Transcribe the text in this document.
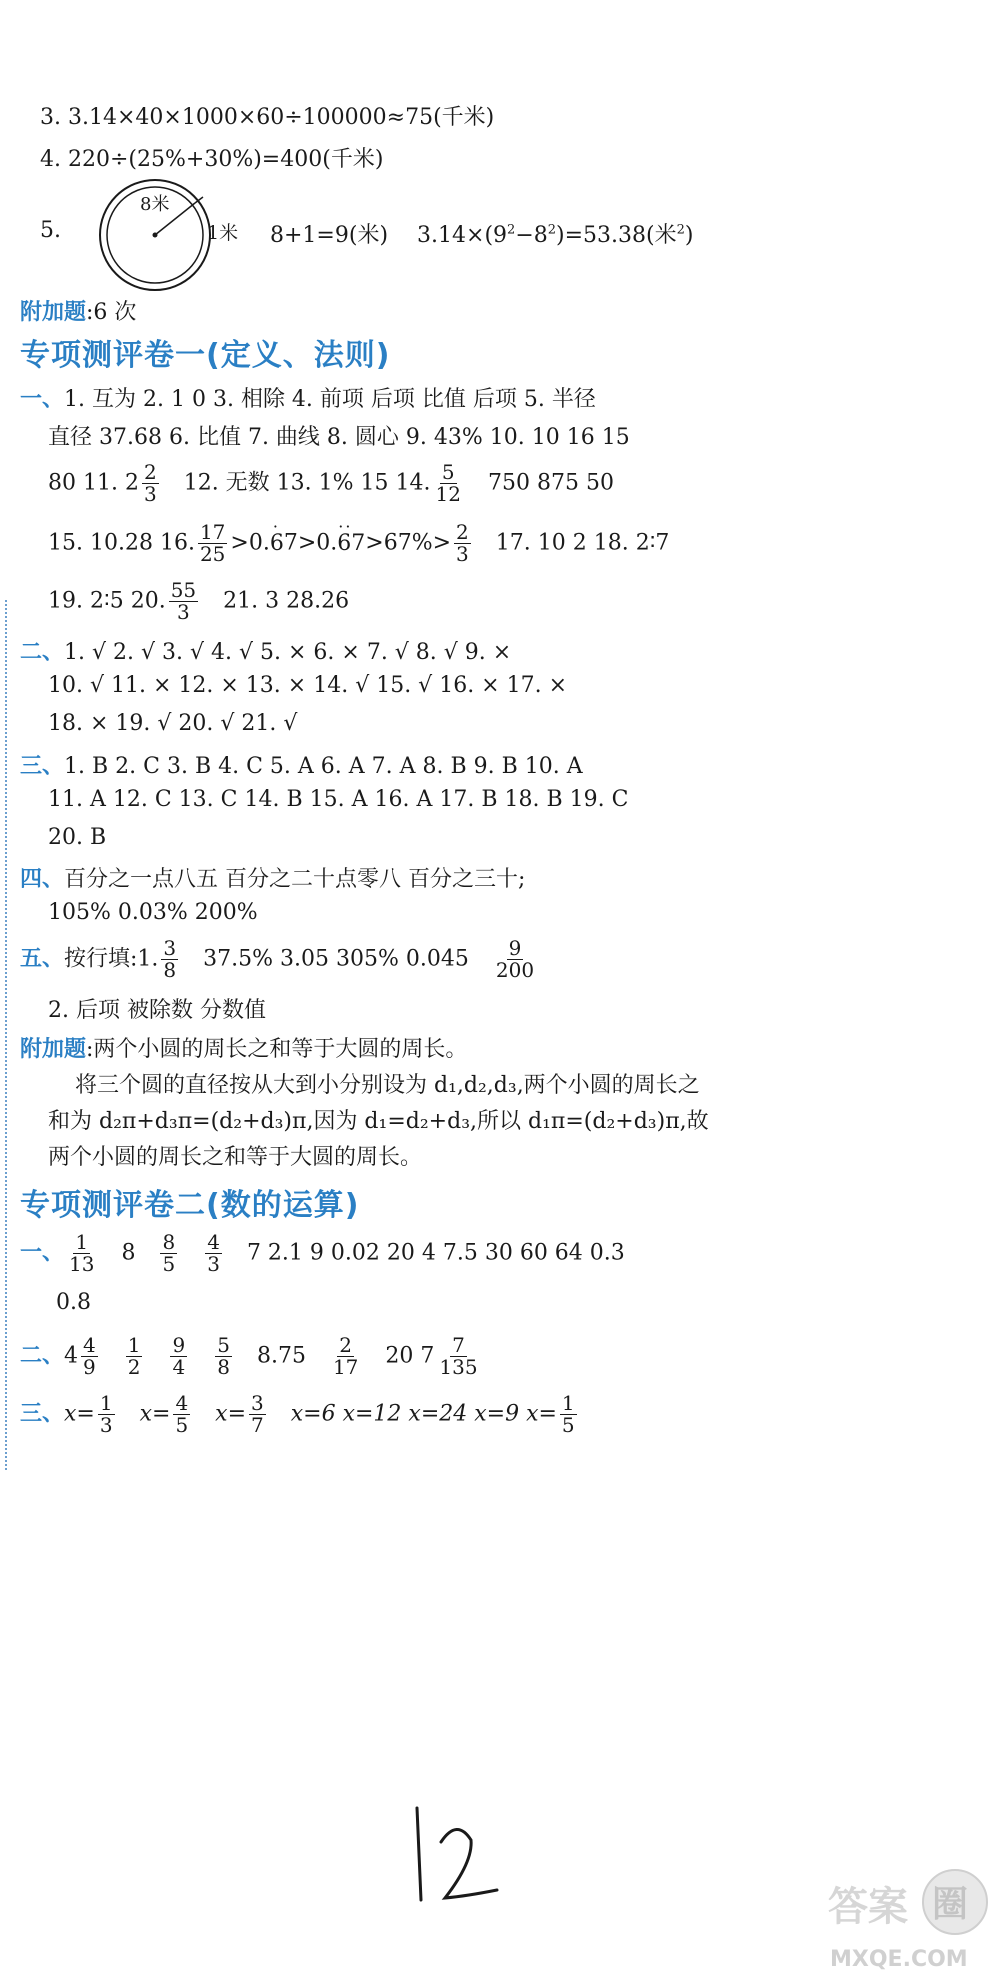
3. 3.14×40×1000×60÷100000≈75(千米)
4. 220÷(25%+30%)=400(千米)
5.
8米
1米 8+1=9(米) $3.14\times(9^2-8^2)=53.38$(米$^2$)
附加题:6 次
专项测评卷一(定义、法则)
一、1. 互为 2. 1 0 3. 相除 4. 前项 后项 比值 后项 5. 半径
直径 37.68 6. 比值 7. 曲线 8. 圆心 9. 43% 10. 10 16 15
80 11. $2 \frac{2}{3} 12$. 无数 13. 1% 15 14. $\frac{5}{12} 750$ 875 50
15. 10.28 16. $\frac{17}{25} >0.\cdot 67>0.\cdot\cdot 67>67\%> \frac{2}{3} 17$. 10 2 18. 2∶7
19. 2∶5 20. $\frac{55}{3} 21$. 3 28.26
二、1. √ 2. √ 3. √ 4. √ 5. × 6. × 7. √ 8. √ 9. ×
10. √ 11. × 12. × 13. × 14. √ 15. √ 16. × 17. ×
18. × 19. √ 20. √ 21. √
三、1. B 2. C 3. B 4. C 5. A 6. A 7. A 8. B 9. B 10. A
11. A 12. C 13. C 14. B 15. A 16. A 17. B 18. B 19. C
20. B
四、百分之一点八五 百分之二十点零八 百分之三十;
105% 0.03% 200%
五、按行填:1. $\frac{3}{8} 37.5\%$ 3.05 305% $0.045 \frac{9}{200}$
2. 后项 被除数 分数值
附加题:两个小圆的周长之和等于大圆的周长。
将三个圆的直径按从大到小分别设为 d₁,d₂,d₃,两个小圆的周长之
和为 d₂π+d₃π=(d₂+d₃)π,因为 d₁=d₂+d₃,所以 d₁π=(d₂+d₃)π,故
两个小圆的周长之和等于大圆的周长。
专项测评卷二(数的运算)
一、 $\frac{1}{13} 8 \frac{8}{5} \frac{4}{3} 7$ 2.1 9 0.02 20 4 7.5 30 60 64 0.3
0.8
二、$4 \frac{4}{9} \frac{1}{2} \frac{9}{4} \frac{5}{8} 8.75 \frac{2}{17} 20$ $7 \frac{7}{135}$
三、$x= \frac{1}{3} x= \frac{4}{5} x= \frac{3}{7} x=6$ x=12 x=24 x=9 $x= \frac{1}{5}$
答案 圈
MXQE.COM
